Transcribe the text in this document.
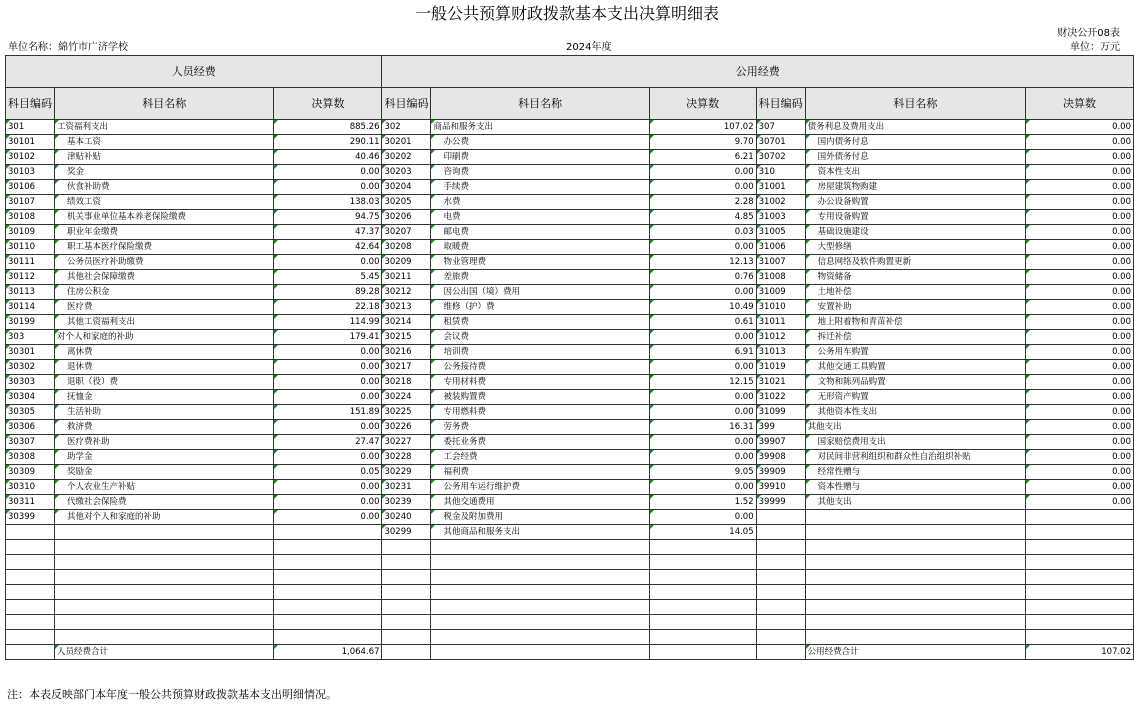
一般公共预算财政拨款基本支出决算明细表
财决公开08表
单位名称：綿竹市广济学校	2024年度	单位：万元
人员经费			公用经费					
科目编码	科目名称	决算数	科目编码	科目名称	决算数	科目编码	科目名称	决算数
301	工资福利支出	885.26	302	商品和服务支出	107.02	307	债务利息及费用支出	0.00
30101	基本工资	290.11	30201	办公费	9.70	30701	国内债务付息	0.00
30102	津贴补贴	40.46	30202	印刷费	6.21	30702	国外债务付息	0.00
30103	奖金	0.00	30203	咨询费	0.00	310	资本性支出	0.00
30106	伙食补助费	0.00	30204	手续费	0.00	31001	房屋建筑物购建	0.00
30107	绩效工资	138.03	30205	水费	2.28	31002	办公设备购置	0.00
30108	机关事业单位基本养老保险缴费	94.75	30206	电费	4.85	31003	专用设备购置	0.00
30109	职业年金缴费	47.37	30207	邮电费	0.03	31005	基础设施建设	0.00
30110	职工基本医疗保险缴费	42.64	30208	取暖费	0.00	31006	大型修缮	0.00
30111	公务员医疗补助缴费	0.00	30209	物业管理费	12.13	31007	信息网络及软件购置更新	0.00
30112	其他社会保障缴费	5.45	30211	差旅费	0.76	31008	物资储备	0.00
30113	住房公积金	89.28	30212	因公出国（境）费用	0.00	31009	土地补偿	0.00
30114	医疗费	22.18	30213	维修（护）费	10.49	31010	安置补助	0.00
30199	其他工资福利支出	114.99	30214	租赁费	0.61	31011	地上附着物和青苗补偿	0.00
303	对个人和家庭的补助	179.41	30215	会议费	0.00	31012	拆迁补偿	0.00
30301	离休费	0.00	30216	培训费	6.91	31013	公务用车购置	0.00
30302	退休费	0.00	30217	公务接待费	0.00	31019	其他交通工具购置	0.00
30303	退职（役）费	0.00	30218	专用材料费	12.15	31021	文物和陈列品购置	0.00
30304	抚恤金	0.00	30224	被装购置费	0.00	31022	无形资产购置	0.00
30305	生活补助	151.89	30225	专用燃料费	0.00	31099	其他资本性支出	0.00
30306	救济费	0.00	30226	劳务费	16.31	399	其他支出	0.00
30307	医疗费补助	27.47	30227	委托业务费	0.00	39907	国家赔偿费用支出	0.00
30308	助学金	0.00	30228	工会经费	0.00	39908	对民间非营利组织和群众性自治组织补贴	0.00
30309	奖励金	0.05	30229	福利费	9.05	39909	经常性赠与	0.00
30310	个人农业生产补贴	0.00	30231	公务用车运行维护费	0.00	39910	资本性赠与	0.00
30311	代缴社会保险费	0.00	30239	其他交通费用	1.52	39999	其他支出	0.00
30399	其他对个人和家庭的补助	0.00	30240	税金及附加费用	0.00			
			30299	其他商品和服务支出	14.05			

	人员经费合计	1,064.67					公用经费合计	107.02
注：本表反映部门本年度一般公共预算财政拨款基本支出明细情况。
